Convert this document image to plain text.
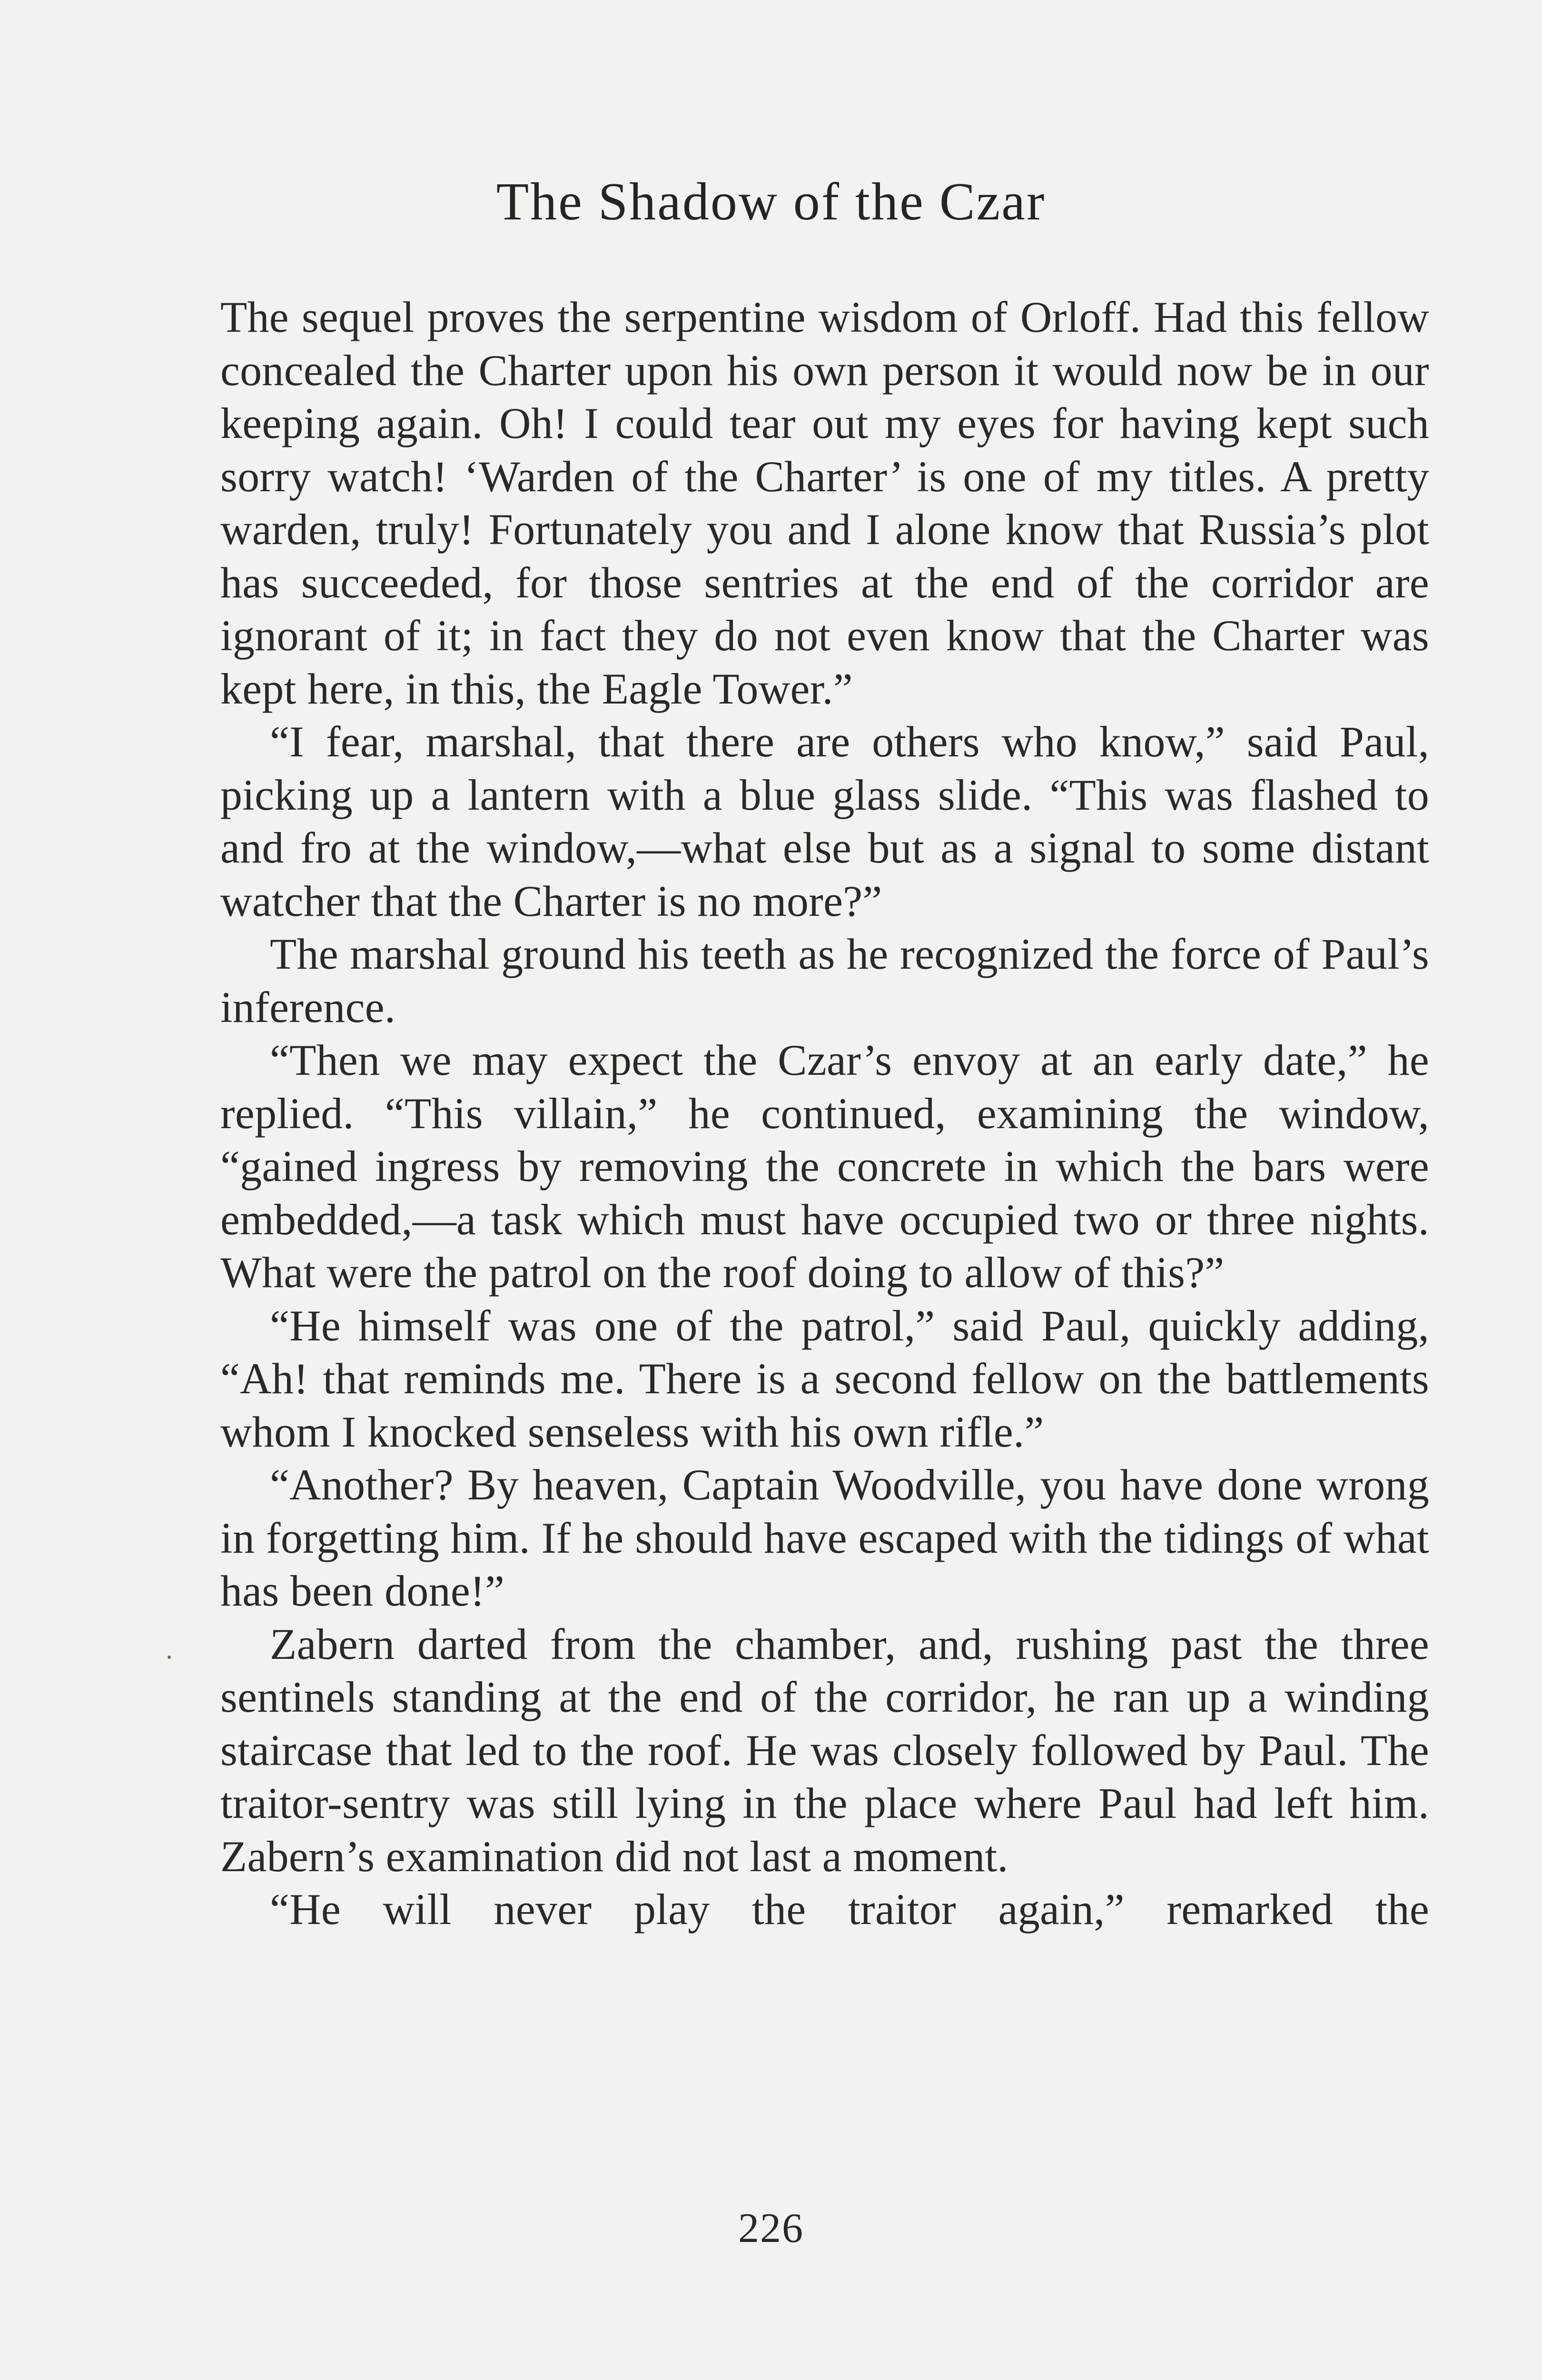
The Shadow of the Czar

The sequel proves the serpentine wisdom of Orloff. Had this fellow concealed the Charter upon his own person it would now be in our keeping again. Oh! I could tear out my eyes for having kept such sorry watch! ‘Warden of the Charter’ is one of my titles. A pretty warden, truly! Fortunately you and I alone know that Russia’s plot has succeeded, for those sentries at the end of the corridor are ignorant of it; in fact they do not even know that the Charter was kept here, in this, the Eagle Tower.”

“I fear, marshal, that there are others who know,” said Paul, picking up a lantern with a blue glass slide. “This was flashed to and fro at the window,—what else but as a signal to some distant watcher that the Charter is no more?”

The marshal ground his teeth as he recognized the force of Paul’s inference.

“Then we may expect the Czar’s envoy at an early date,” he replied. “This villain,” he continued, examining the window, “gained ingress by removing the concrete in which the bars were embedded,—a task which must have occupied two or three nights. What were the patrol on the roof doing to allow of this?”

“He himself was one of the patrol,” said Paul, quickly adding, “Ah! that reminds me. There is a second fellow on the battlements whom I knocked senseless with his own rifle.”

“Another? By heaven, Captain Woodville, you have done wrong in forgetting him. If he should have escaped with the tidings of what has been done!”

Zabern darted from the chamber, and, rushing past the three sentinels standing at the end of the corridor, he ran up a winding staircase that led to the roof. He was closely followed by Paul. The traitor-sentry was still lying in the place where Paul had left him. Zabern’s examination did not last a moment.

“He will never play the traitor again,” remarked the

226
